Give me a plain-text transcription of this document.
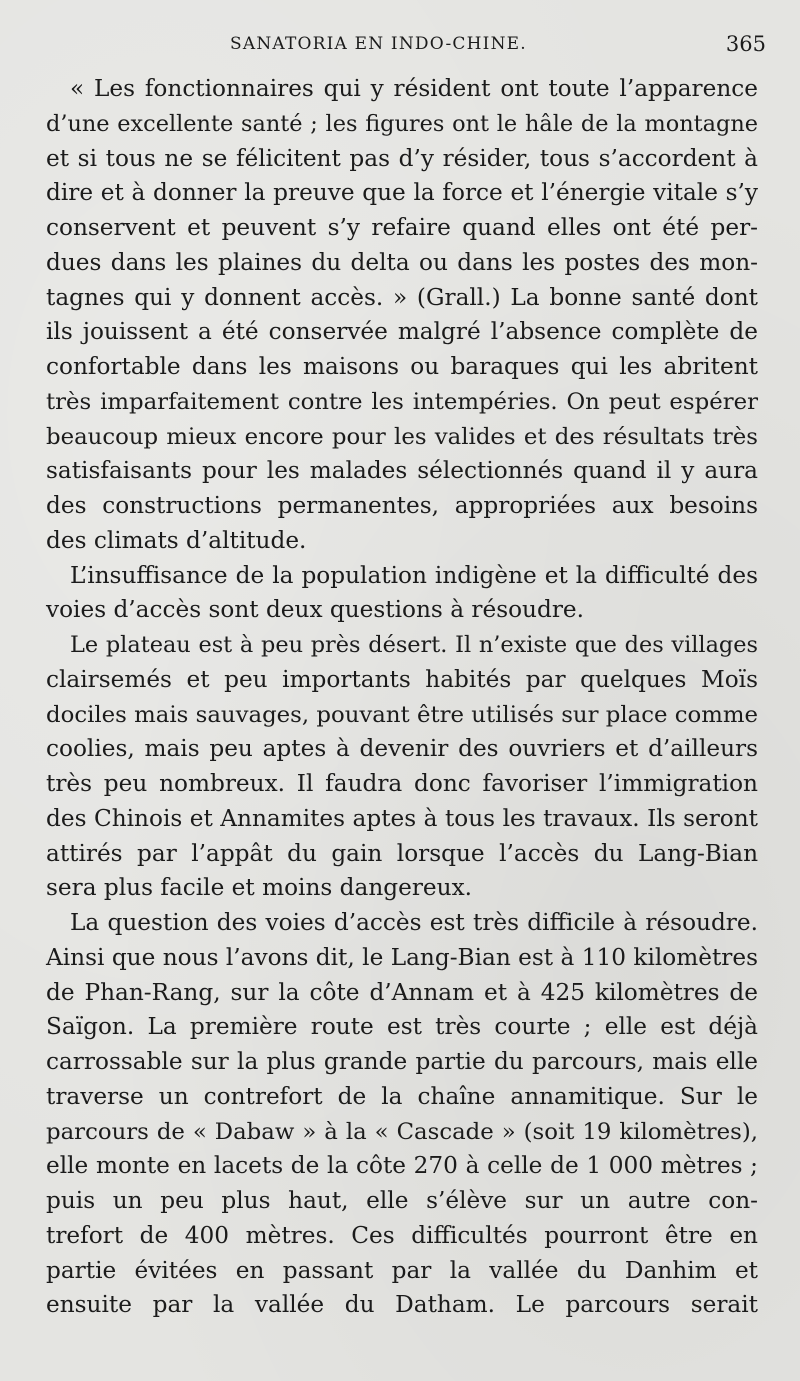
SANATORIA EN INDO-CHINE.	365
« Les fonctionnaires qui y résident ont toute l’apparence
d’une excellente santé ; les figures ont le hâle de la montagne
et si tous ne se félicitent pas d’y résider, tous s’accordent à
dire et à donner la preuve que la force et l’énergie vitale s’y
conservent et peuvent s’y refaire quand elles ont été per-
dues dans les plaines du delta ou dans les postes des mon-
tagnes qui y donnent accès. » (Grall.) La bonne santé dont
ils jouissent a été conservée malgré l’absence complète de
confortable dans les maisons ou baraques qui les abritent
très imparfaitement contre les intempéries. On peut espérer
beaucoup mieux encore pour les valides et des résultats très
satisfaisants pour les malades sélectionnés quand il y aura
des constructions permanentes, appropriées aux besoins
des climats d’altitude.
L’insuffisance de la population indigène et la difficulté des
voies d’accès sont deux questions à résoudre.
Le plateau est à peu près désert. Il n’existe que des villages
clairsemés et peu importants habités par quelques Moïs
dociles mais sauvages, pouvant être utilisés sur place comme
coolies, mais peu aptes à devenir des ouvriers et d’ailleurs
très peu nombreux. Il faudra donc favoriser l’immigration
des Chinois et Annamites aptes à tous les travaux. Ils seront
attirés par l’appât du gain lorsque l’accès du Lang-Bian
sera plus facile et moins dangereux.
La question des voies d’accès est très difficile à résoudre.
Ainsi que nous l’avons dit, le Lang-Bian est à 110 kilomètres
de Phan-Rang, sur la côte d’Annam et à 425 kilomètres de
Saïgon. La première route est très courte ; elle est déjà
carrossable sur la plus grande partie du parcours, mais elle
traverse un contrefort de la chaîne annamitique. Sur le
parcours de « Dabaw » à la « Cascade » (soit 19 kilomètres),
elle monte en lacets de la côte 270 à celle de 1 000 mètres ;
puis un peu plus haut, elle s’élève sur un autre con-
trefort de 400 mètres. Ces difficultés pourront être en
partie évitées en passant par la vallée du Danhim et
ensuite par la vallée du Datham. Le parcours serait
